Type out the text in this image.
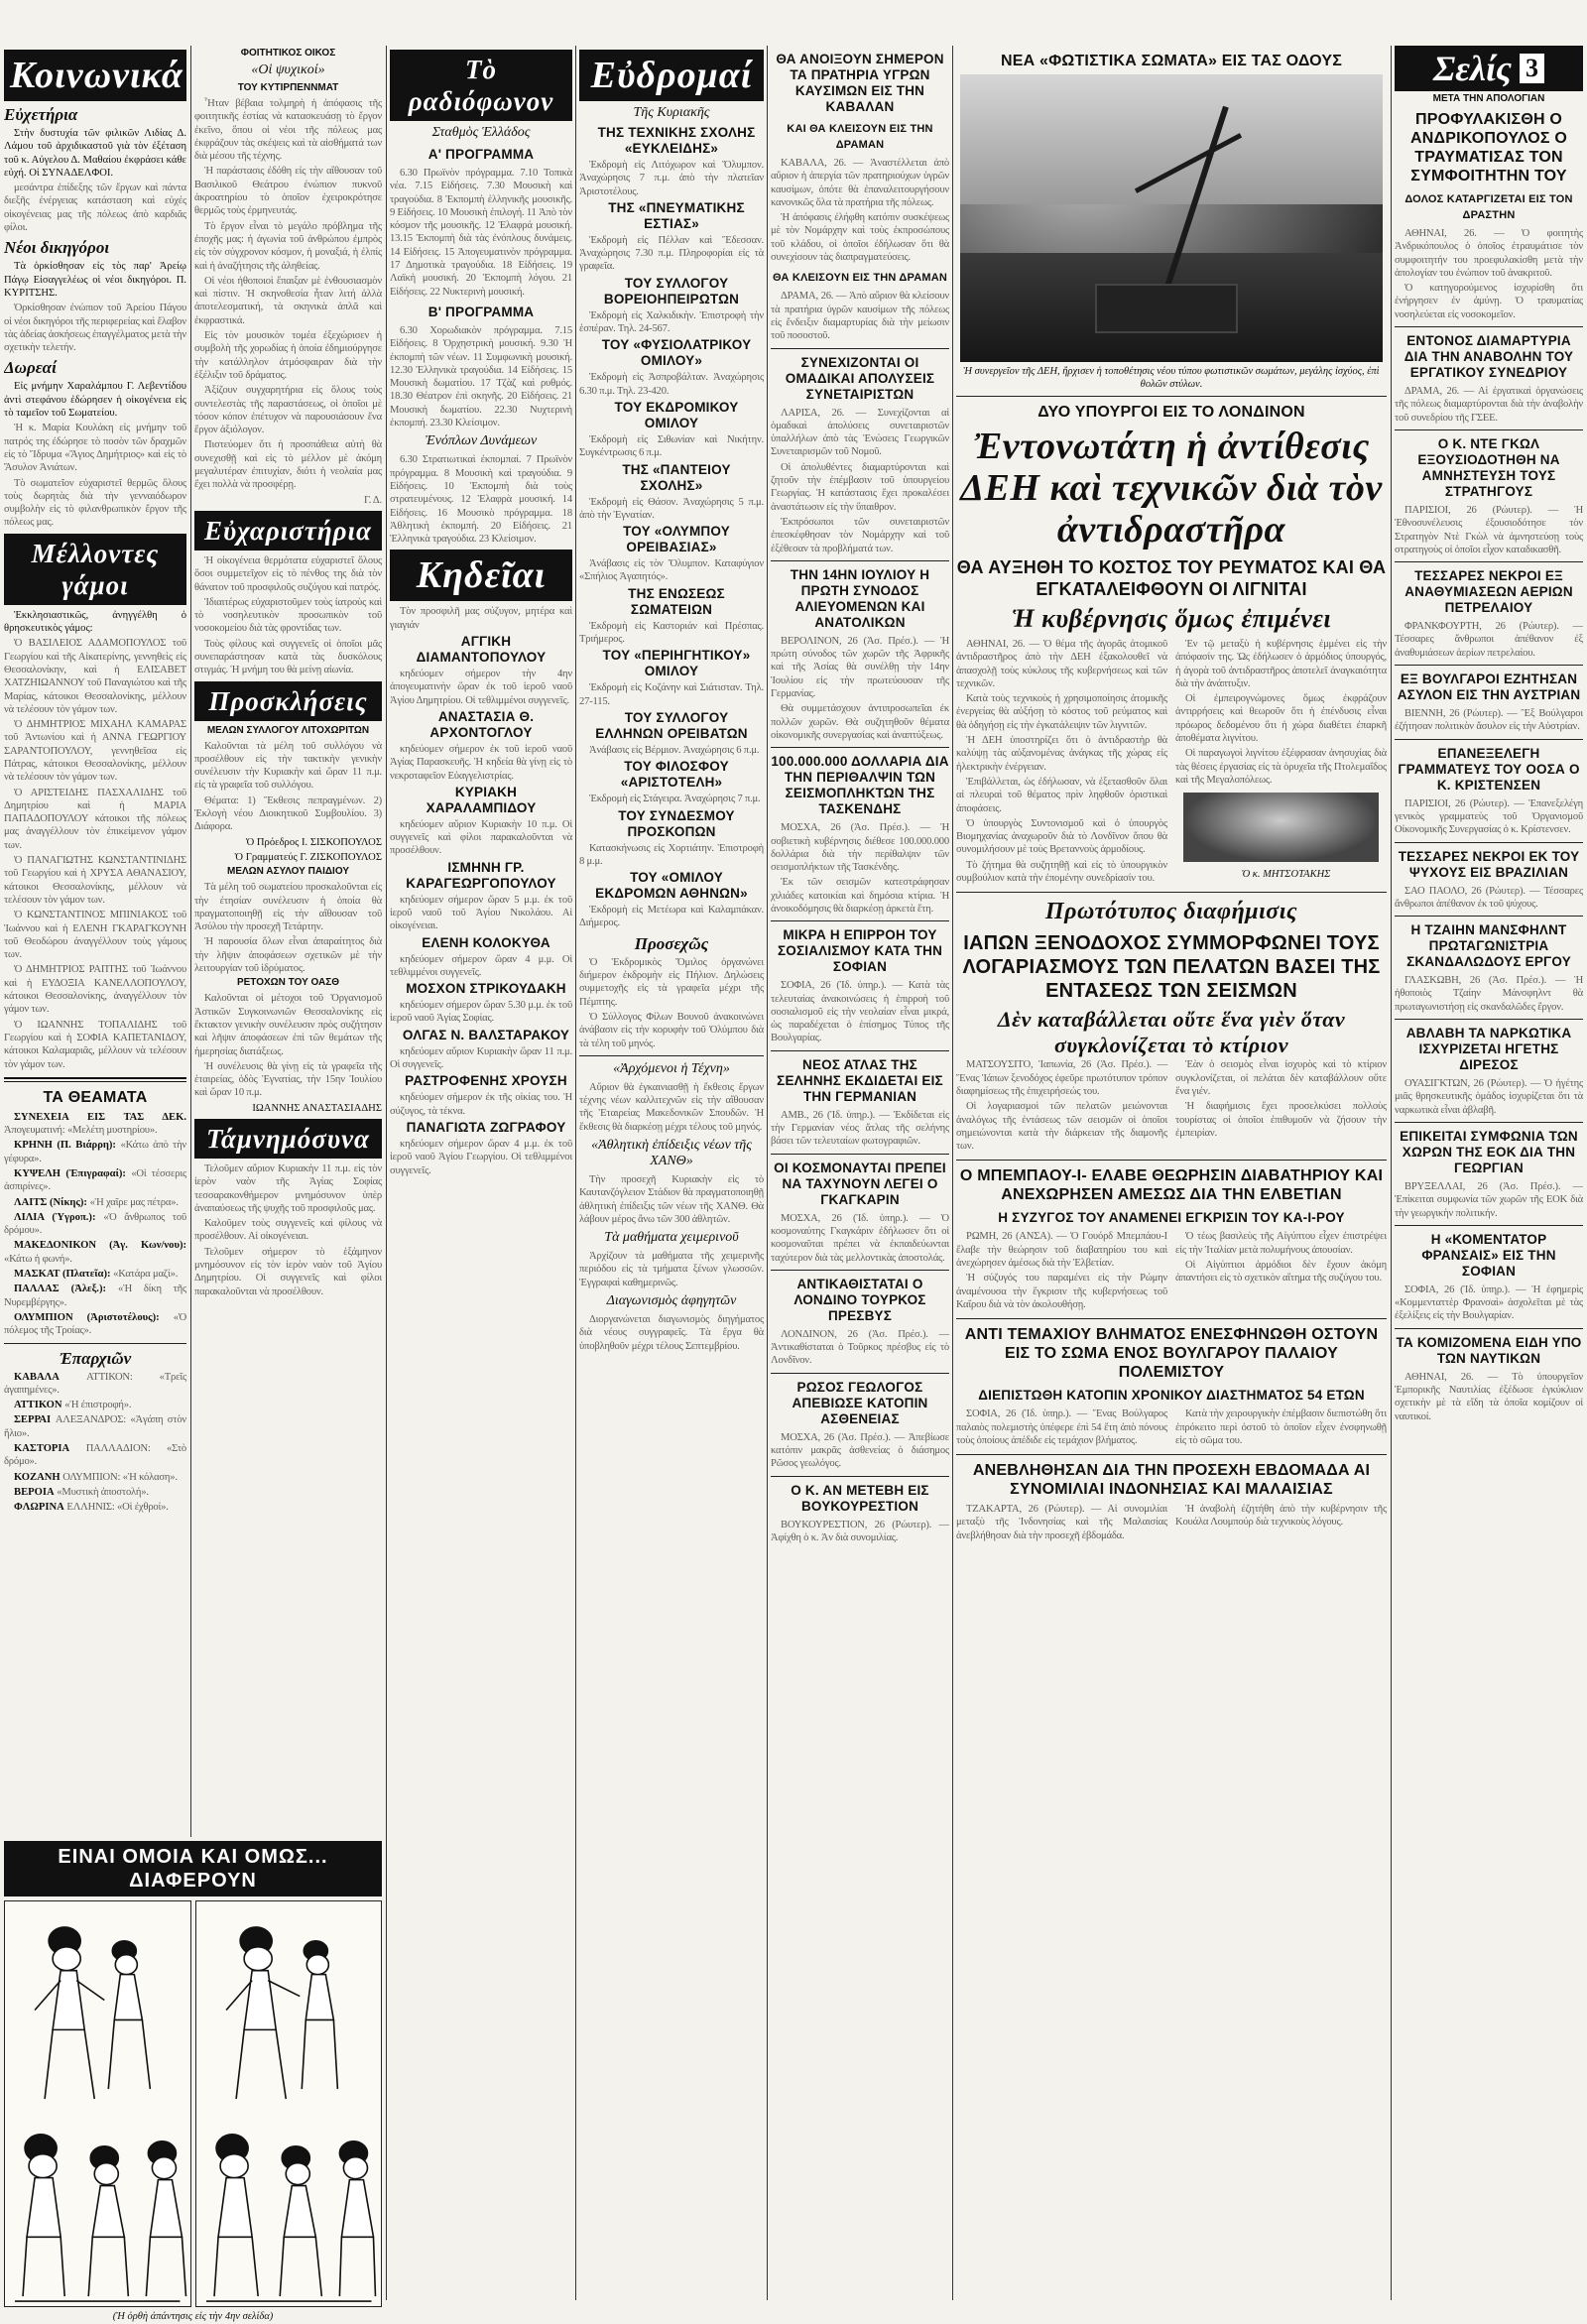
Κοινωνικά
Εὐχετήρια

Στὴν δυστυχία τῶν φιλικῶν Λιδίας Δ. Λάμου τοῦ ἀρχιδικαστοῦ γιὰ τὸν ἐξέταση τοῦ κ. Αὐγελου Δ. Μαθαίου ἐκφράσει κάθε εὐχή. Οἱ ΣΥΝΑΔΕΛΦΟΙ.

μεσάντρα ἐπίδεξης τῶν ἔργων καὶ πάντα διεξῆς ἐνέργειας κατάσταση καὶ εὐχές οἰκογένειας μας τῆς πόλεως ἀπὸ καρδιᾶς φίλοι.

Νέοι δικηγόροι

Τὰ ὁρκίσθησαν εἰς τὸς παρ' Ἀρείῳ Πάγῳ Εἰσαγγελέως οἱ νέοι δικηγόροι. Π. ΚΥΡΙΤΣΗΣ.

Ὀρκίσθησαν ἐνώπιον τοῦ Ἀρείου Πάγου οἱ νέοι δικηγόροι τῆς περιφερείας καὶ ἔλαβον τὰς ἀδείας ἀσκήσεως ἐπαγγέλματος μετὰ τὴν σχετικὴν τελετήν.

Δωρεαί

Εἰς μνήμην Χαραλάμπου Γ. Λεβεντίδου ἀντὶ στεφάνου ἐδώρησεν ἡ οἰκογένεια εἰς τὸ ταμεῖον τοῦ Σωματείου.

Ἡ κ. Μαρία Κουλάκη εἰς μνήμην τοῦ πατρός της ἐδώρησε τὸ ποσὸν τῶν δραχμῶν εἰς τὸ Ἵδρυμα «Ἅγιος Δημήτριος» καὶ εἰς τὸ Ἄσυλον Ἀνιάτων.

Τὸ σωματεῖον εὐχαριστεῖ θερμῶς ὅλους τοὺς δωρητὰς διὰ τὴν γενναιόδωρον συμβολὴν εἰς τὸ φιλανθρωπικὸν ἔργον τῆς πόλεως μας.

Μέλλοντες γάμοι

Ἐκκλησιαστικῶς, ἀνηγγέλθη ὁ θρησκευτικὸς γάμος:

Ὁ ΒΑΣΙΛΕΙΟΣ ΑΔΑΜΟΠΟΥΛΟΣ τοῦ Γεωργίου καὶ τῆς Αἰκατερίνης, γεννηθεὶς εἰς Θεσσαλονίκην, καὶ ἡ ΕΛΙΣΑΒΕΤ ΧΑΤΖΗΙΩΑΝΝΟΥ τοῦ Παναγιώτου καὶ τῆς Μαρίας, κάτοικοι Θεσσαλονίκης, μέλλουν νὰ τελέσουν τὸν γάμον των.

Ὁ ΔΗΜΗΤΡΙΟΣ ΜΙΧΑΗΛ ΚΑΜΑΡΑΣ τοῦ Ἀντωνίου καὶ ἡ ΑΝΝΑ ΓΕΩΡΓΙΟΥ ΣΑΡΑΝΤΟΠΟΥΛΟΥ, γεννηθεῖσα εἰς Πάτρας, κάτοικοι Θεσσαλονίκης, μέλλουν νὰ τελέσουν τὸν γάμον των.

Ὁ ΑΡΙΣΤΕΙΔΗΣ ΠΑΣΧΑΛΙΔΗΣ τοῦ Δημητρίου καὶ ἡ ΜΑΡΙΑ ΠΑΠΑΔΟΠΟΥΛΟΥ κάτοικοι τῆς πόλεως μας ἀναγγέλλουν τὸν ἐπικείμενον γάμον των.

Ὁ ΠΑΝΑΓΙΩΤΗΣ ΚΩΝΣΤΑΝΤΙΝΙΔΗΣ τοῦ Γεωργίου καὶ ἡ ΧΡΥΣΑ ΑΘΑΝΑΣΙΟΥ, κάτοικοι Θεσσαλονίκης, μέλλουν νὰ τελέσουν τὸν γάμον των.

Ὁ ΚΩΝΣΤΑΝΤΙΝΟΣ ΜΠΙΝΙΑΚΟΣ τοῦ Ἰωάννου καὶ ἡ ΕΛΕΝΗ ΓΚΑΡΑΓΚΟΥΝΗ τοῦ Θεοδώρου ἀναγγέλλουν τοὺς γάμους των.

Ὁ ΔΗΜΗΤΡΙΟΣ ΡΑΠΤΗΣ τοῦ Ἰωάννου καὶ ἡ ΕΥΔΟΞΙΑ ΚΑΝΕΛΛΟΠΟΥΛΟΥ, κάτοικοι Θεσσαλονίκης, ἀναγγέλλουν τὸν γάμον των.

Ὁ ΙΩΑΝΝΗΣ ΤΟΠΑΛΙΔΗΣ τοῦ Γεωργίου καὶ ἡ ΣΟΦΙΑ ΚΑΠΕΤΑΝΙΔΟΥ, κάτοικοι Καλαμαριᾶς, μέλλουν νὰ τελέσουν τὸν γάμον των.

ΤΑ ΘΕΑΜΑΤΑ

ΣΥΝΕΧΕΙΑ ΕΙΣ ΤΑΣ ΔΕΚ. Ἀπογευματινή: «Μελέτη μυστηρίου».

ΚΡΗΝΗ (Π. Βιάρρη): «Κάτω ἀπὸ τὴν γέφυρα».

ΚΥΨΕΛΗ (Ἐπιγραφαί): «Οἱ τέσσερις ἀσπιρίνες».

ΛΑΙΤΣ (Νίκης): «Ἡ χαῖρε μας πέτρα».

ΛΙΛΙΑ (Ὑγροπ.): «Ὁ ἄνθρωπος τοῦ δρόμου».

ΜΑΚΕΔΟΝΙΚΟΝ (Ἀγ. Κων/νου): «Κάτω ἡ φωνή».

ΜΑΣΚΑΤ (Πλατεῖα): «Κατάρα μαζί».

ΠΑΛΛΑΣ (Ἀλεξ.): «Ἡ δίκη τῆς Νυρεμβέργης».

ΟΛΥΜΠΙΟΝ (Ἀριστοτέλους): «Ὁ πόλεμος τῆς Τροίας».

Ἐπαρχιῶν

ΚΑΒΑΛΑ	ΑΤΤΙΚΟΝ: «Τρεῖς ἀγαπημένες».

ΑΤΤΙΚΟΝ «Ἡ ἐπιστροφή».

ΣΕΡΡΑΙ ΑΛΕΞΑΝΔΡΟΣ: «Ἀγάπη στὸν ἥλιο».

ΚΑΣΤΟΡΙΑ ΠΑΛΛΑΔΙΟΝ: «Στὸ δρόμο».

ΚΟΖΑΝΗ ΟΛΥΜΠΙΟΝ: «Ἡ κόλαση».

ΒΕΡΟΙΑ «Μυστικὴ ἀποστολή».

ΦΛΩΡΙΝΑ ΕΛΛΗΝΙΣ: «Οἱ ἐχθροί».

ΦΟΙΤΗΤΙΚΟΣ ΟΙΚΟΣ
«Οἱ ψυχικοί»
ΤΟΥ ΚΥΤΙΡΠΕΝΝΜΑΤ

Ἦταν βέβαια τολμηρὴ ἡ ἀπόφασις τῆς φοιτητικῆς ἑστίας νὰ κατασκευάσῃ τὸ ἔργον ἐκεῖνο, ὅπου οἱ νέοι τῆς πόλεως μας ἐκφράζουν τὰς σκέψεις καὶ τὰ αἰσθήματά των διὰ μέσου τῆς τέχνης.

Ἡ παράστασις ἐδόθη εἰς τὴν αἴθουσαν τοῦ Βασιλικοῦ Θεάτρου ἐνώπιον πυκνοῦ ἀκροατηρίου τὸ ὁποῖον ἐχειροκρότησε θερμῶς τοὺς ἐρμηνευτάς.

Τὸ ἔργον εἶναι τὸ μεγάλο πρόβλημα τῆς ἐποχῆς μας: ἡ ἀγωνία τοῦ ἀνθρώπου ἐμπρὸς εἰς τὸν σύγχρονον κόσμον, ἡ μοναξιά, ἡ ἐλπίς καὶ ἡ ἀναζήτησις τῆς ἀληθείας.

Οἱ νέοι ἠθοποιοὶ ἔπαιξαν μὲ ἐνθουσιασμὸν καὶ πίστιν. Ἡ σκηνοθεσία ἦταν λιτή ἀλλὰ ἀποτελεσματική, τὰ σκηνικὰ ἁπλᾶ καὶ ἐκφραστικά.

Εἰς τὸν μουσικὸν τομέα ἐξεχώρισεν ἡ συμβολὴ τῆς χορωδίας ἡ ὁποία ἐδημιούργησε τὴν κατάλληλον ἀτμόσφαιραν διὰ τὴν ἐξέλιξιν τοῦ δράματος.

Ἀξίζουν συγχαρητήρια εἰς ὅλους τοὺς συντελεστὰς τῆς παραστάσεως, οἱ ὁποῖοι μὲ τόσον κόπον ἐπέτυχον νὰ παρουσιάσουν ἕνα ἔργον ἀξιόλογον.

Πιστεύομεν ὅτι ἡ προσπάθεια αὐτὴ θὰ συνεχισθῇ καὶ εἰς τὸ μέλλον μὲ ἀκόμη μεγαλυτέραν ἐπιτυχίαν, διότι ἡ νεολαία μας ἔχει πολλὰ νὰ προσφέρῃ.

Γ. Δ.

Εὐχαριστήρια

Ἡ οἰκογένεια θερμότατα εὐχαριστεῖ ὅλους ὅσοι συμμετεῖχον εἰς τὸ πένθος της διὰ τὸν θάνατον τοῦ προσφιλοῦς συζύγου καὶ πατρός.

Ἰδιαιτέρως εὐχαριστοῦμεν τοὺς ἰατροὺς καὶ τὸ νοσηλευτικὸν προσωπικὸν τοῦ νοσοκομείου διὰ τὰς φροντίδας των.

Τοὺς φίλους καὶ συγγενεῖς οἱ ὁποῖοι μᾶς συνεπαράστησαν κατὰ τὰς δυσκόλους στιγμάς. Ἡ μνήμη του θὰ μείνῃ αἰωνία.

Προσκλήσεις
ΜΕΛΩΝ ΣΥΛΛΟΓΟΥ ΛΙΤΟΧΩΡΙΤΩΝ

Καλοῦνται τὰ μέλη τοῦ συλλόγου νὰ προσέλθουν εἰς τὴν τακτικὴν γενικὴν συνέλευσιν τὴν Κυριακὴν καὶ ὥραν 11 π.μ. εἰς τὰ γραφεῖα τοῦ συλλόγου.

Θέματα: 1) Ἔκθεσις πεπραγμένων. 2) Ἐκλογὴ νέου Διοικητικοῦ Συμβουλίου. 3) Διάφορα.

Ὁ Πρόεδρος Ι. ΣΙΣΚΟΠΟΥΛΟΣ

Ὁ Γραμματεύς Γ. ΖΙΣΚΟΠΟΥΛΟΣ

ΜΕΛΩΝ ΑΣΥΛΟΥ ΠΑΙΔΙΟΥ

Τὰ μέλη τοῦ σωματείου προσκαλοῦνται εἰς τὴν ἐτησίαν συνέλευσιν ἡ ὁποία θὰ πραγματοποιηθῇ εἰς τὴν αἴθουσαν τοῦ Ἀσύλου τὴν προσεχῆ Τετάρτην.

Ἡ παρουσία ὅλων εἶναι ἀπαραίτητος διὰ τὴν λῆψιν ἀποφάσεων σχετικῶν μὲ τὴν λειτουργίαν τοῦ ἱδρύματος.

ΡΕΤΟΧΩΝ ΤΟΥ ΟΑΣΘ

Καλοῦνται οἱ μέτοχοι τοῦ Ὀργανισμοῦ Ἀστικῶν Συγκοινωνιῶν Θεσσαλονίκης εἰς ἔκτακτον γενικὴν συνέλευσιν πρὸς συζήτησιν καὶ λῆψιν ἀποφάσεων ἐπὶ τῶν θεμάτων τῆς ἡμερησίας διατάξεως.

Ἡ συνέλευσις θὰ γίνῃ εἰς τὰ γραφεῖα τῆς ἑταιρείας, ὁδὸς Ἐγνατίας, τὴν 15ην Ἰουλίου καὶ ὥραν 10 π.μ.

ΙΩΑΝΝΗΣ ΑΝΑΣΤΑΣΙΑΔΗΣ

Τάμνημόσυνα

Τελοῦμεν αὔριον Κυριακὴν 11 π.μ. εἰς τὸν ἱερὸν ναὸν τῆς Ἁγίας Σοφίας τεσσαρακονθήμερον μνημόσυνον ὑπὲρ ἀναπαύσεως τῆς ψυχῆς τοῦ προσφιλοῦς μας.

Καλοῦμεν τοὺς συγγενεῖς καὶ φίλους νὰ προσέλθουν. Αἱ οἰκογένειαι.

Τελοῦμεν σήμερον τὸ ἑξάμηνον μνημόσυνον εἰς τὸν ἱερὸν ναὸν τοῦ Ἁγίου Δημητρίου. Οἱ συγγενεῖς καὶ φίλοι παρακαλοῦνται νὰ προσέλθουν.

Τὸ ραδιόφωνον
Σταθμὸς Ἑλλάδος
Α' ΠΡΟΓΡΑΜΜΑ

6.30 Πρωϊνὸν πρόγραμμα. 7.10 Τοπικὰ νέα. 7.15 Εἰδήσεις. 7.30 Μουσικὴ καὶ τραγούδια. 8 Ἐκπομπὴ ἑλληνικῆς μουσικῆς. 9 Εἰδήσεις. 10 Μουσικὴ ἐπιλογή. 11 Ἀπὸ τὸν κόσμον τῆς μουσικῆς. 12 Ἐλαφρά μουσική. 13.15 Ἐκπομπὴ διὰ τὰς ἐνόπλους δυνάμεις. 14 Εἰδήσεις. 15 Ἀπογευματινὸν πρόγραμμα. 17 Δημοτικὰ τραγούδια. 18 Εἰδήσεις. 19 Λαϊκὴ μουσική. 20 Ἐκπομπὴ λόγου. 21 Εἰδήσεις. 22 Νυκτερινὴ μουσική.

Β' ΠΡΟΓΡΑΜΜΑ

6.30 Χορωδιακὸν πρόγραμμα. 7.15 Εἰδήσεις. 8 Ὀρχηστρικὴ μουσική. 9.30 Ἡ ἐκπομπὴ τῶν νέων. 11 Συμφωνικὴ μουσική. 12.30 Ἐλληνικὰ τραγούδια. 14 Εἰδήσεις. 15 Μουσικὴ δωματίου. 17 Τζὰζ καὶ ρυθμός. 18.30 Θέατρον ἐπὶ σκηνῆς. 20 Εἰδήσεις. 21 Μουσικὴ δωματίου. 22.30 Νυχτερινὴ ἐκπομπή. 23.30 Κλείσιμον.

Ἐνόπλων Δυνάμεων

6.30 Στρατιωτικαὶ ἐκπομπαί. 7 Πρωϊνὸν πρόγραμμα. 8 Μουσικὴ καὶ τραγούδια. 9 Εἰδήσεις. 10 Ἐκπομπὴ διὰ τοὺς στρατευμένους. 12 Ἐλαφρὰ μουσική. 14 Εἰδήσεις. 16 Μουσικὸ πρόγραμμα. 18 Ἀθλητικὴ ἐκπομπή. 20 Εἰδήσεις. 21 Ἐλληνικὰ τραγούδια. 23 Κλείσιμον.

Κηδεῖαι

Τὸν προσφιλῆ μας σύζυγον, μητέρα καὶ γιαγιάν

ΑΓΓΙΚΗ ΔΙΑΜΑΝΤΟΠΟΥΛΟΥ

κηδεύομεν σήμερον τὴν 4ην ἀπογευματινὴν ὥραν ἐκ τοῦ ἱεροῦ ναοῦ Ἁγίου Δημητρίου. Οἱ τεθλιμμένοι συγγενεῖς.

ΑΝΑΣΤΑΣΙΑ Θ. ΑΡΧΟΝΤΟΓΛΟΥ

κηδεύομεν σήμερον ἐκ τοῦ ἱεροῦ ναοῦ Ἁγίας Παρασκευῆς. Ἡ κηδεία θὰ γίνῃ εἰς τὸ νεκροταφεῖον Εὐαγγελιστρίας.

ΚΥΡΙΑΚΗ ΧΑΡΑΛΑΜΠΙΔΟΥ

κηδεύομεν αὔριον Κυριακὴν 10 π.μ. Οἱ συγγενεῖς καὶ φίλοι παρακαλοῦνται νὰ προσέλθουν.

ΙΣΜΗΝΗ ΓΡ. ΚΑΡΑΓΕΩΡΓΟΠΟΥΛΟΥ

κηδεύομεν σήμερον ὥραν 5 μ.μ. ἐκ τοῦ ἱεροῦ ναοῦ τοῦ Ἁγίου Νικολάου. Αἱ οἰκογένειαι.

ΕΛΕΝΗ ΚΟΛΟΚΥΘΑ

κηδεύομεν σήμερον ὥραν 4 μ.μ. Οἱ τεθλιμμένοι συγγενεῖς.

ΜΟΣΧΟΝ ΣΤΡΙΚΟΥΔΑΚΗ

κηδεύομεν σήμερον ὥραν 5.30 μ.μ. ἐκ τοῦ ἱεροῦ ναοῦ Ἁγίας Σοφίας.

ΟΛΓΑΣ Ν. ΒΑΛΣΤΑΡΑΚΟΥ

κηδεύομεν αὔριον Κυριακὴν ὥραν 11 π.μ. Οἱ συγγενεῖς.

ΡΑΣΤΡΟΦΕΝΗΣ ΧΡΟΥΣΗ

κηδεύομεν σήμερον ἐκ τῆς οἰκίας του. Ἡ σύζυγος, τὰ τέκνα.

ΠΑΝΑΓΙΩΤΑ ΖΩΓΡΑΦΟΥ

κηδεύομεν σήμερον ὥραν 4 μ.μ. ἐκ τοῦ ἱεροῦ ναοῦ Ἁγίου Γεωργίου. Οἱ τεθλιμμένοι συγγενεῖς.

Εὐδρομαί
Τῆς Κυριακῆς

ΤΗΣ ΤΕΧΝΙΚΗΣ ΣΧΟΛΗΣ «ΕΥΚΛΕΙΔΗΣ»

Ἐκδρομὴ εἰς Λιτόχωρον καὶ Ὄλυμπον. Ἀναχώρησις 7 π.μ. ἀπὸ τὴν πλατεῖαν Ἀριστοτέλους.

ΤΗΣ «ΠΝΕΥΜΑΤΙΚΗΣ ΕΣΤΙΑΣ»

Ἐκδρομὴ εἰς Πέλλαν καὶ Ἔδεσσαν. Ἀναχώρησις 7.30 π.μ. Πληροφορίαι εἰς τὰ γραφεῖα.

ΤΟΥ ΣΥΛΛΟΓΟΥ ΒΟΡΕΙΟΗΠΕΙΡΩΤΩΝ

Ἐκδρομὴ εἰς Χαλκιδικὴν. Ἐπιστροφὴ τὴν ἑσπέραν. Τηλ. 24-567.

ΤΟΥ «ΦΥΣΙΟΛΑΤΡΙΚΟΥ ΟΜΙΛΟΥ»

Ἐκδρομὴ εἰς Ἀσπροβάλταν. Ἀναχώρησις 6.30 π.μ. Τηλ. 23-420.

ΤΟΥ ΕΚΔΡΟΜΙΚΟΥ ΟΜΙΛΟΥ

Ἐκδρομὴ εἰς Σιθωνίαν καὶ Νικήτην. Συγκέντρωσις 6 π.μ.

ΤΗΣ «ΠΑΝΤΕΙΟΥ ΣΧΟΛΗΣ»

Ἐκδρομὴ εἰς Θάσον. Ἀναχώρησις 5 π.μ. ἀπὸ τὴν Ἐγνατίαν.

ΤΟΥ «ΟΛΥΜΠΟΥ ΟΡΕΙΒΑΣΙΑΣ»

Ἀνάβασις εἰς τὸν Ὄλυμπον. Καταφύγιον «Σπήλιος Ἀγαπητός».

ΤΗΣ ΕΝΩΣΕΩΣ ΣΩΜΑΤΕΙΩΝ

Ἐκδρομὴ εἰς Καστοριάν καὶ Πρέσπας. Τριήμερος.

ΤΟΥ «ΠΕΡΙΗΓΗΤΙΚΟΥ» ΟΜΙΛΟΥ

Ἐκδρομὴ εἰς Κοζάνην καὶ Σιάτισταν. Τηλ. 27-115.

ΤΟΥ ΣΥΛΛΟΓΟΥ ΕΛΛΗΝΩΝ ΟΡΕΙΒΑΤΩΝ

Ἀνάβασις εἰς Βέρμιον. Ἀναχώρησις 6 π.μ.

ΤΟΥ ΦΙΛΟΣΦΟΥ «ΑΡΙΣΤΟΤΕΛΗ»

Ἐκδρομὴ εἰς Στάγειρα. Ἀναχώρησις 7 π.μ.

ΤΟΥ ΣΥΝΔΕΣΜΟΥ ΠΡΟΣΚΟΠΩΝ

Κατασκήνωσις εἰς Χορτιάτην. Ἐπιστροφὴ 8 μ.μ.

ΤΟΥ «ΟΜΙΛΟΥ ΕΚΔΡΟΜΩΝ ΑΘΗΝΩΝ»

Ἐκδρομὴ εἰς Μετέωρα καὶ Καλαμπάκαν. Διήμερος.

Προσεχῶς

Ὁ Ἐκδρομικὸς Ὅμιλος ὀργανώνει διήμερον ἐκδρομὴν εἰς Πήλιον. Δηλώσεις συμμετοχῆς εἰς τὰ γραφεῖα μέχρι τῆς Πέμπτης.

Ὁ Σύλλογος Φίλων Βουνοῦ ἀνακοινώνει ἀνάβασιν εἰς τὴν κορυφὴν τοῦ Ὀλύμπου διὰ τὰ τέλη τοῦ μηνός.

«Ἀρχόμενοι ἡ Τέχνη»

Αὔριον θὰ ἐγκαινιασθῇ ἡ ἔκθεσις ἔργων τέχνης νέων καλλιτεχνῶν εἰς τὴν αἴθουσαν τῆς Ἑταιρείας Μακεδονικῶν Σπουδῶν. Ἡ ἔκθεσις θὰ διαρκέσῃ μέχρι τέλους τοῦ μηνός.

«Ἀθλητικὴ ἐπίδειξις νέων τῆς ΧΑΝΘ»

Τὴν προσεχῆ Κυριακὴν εἰς τὸ Καυτανζόγλειον Στάδιον θὰ πραγματοποιηθῇ ἀθλητικὴ ἐπίδειξις τῶν νέων τῆς ΧΑΝΘ. Θὰ λάβουν μέρος ἄνω τῶν 300 ἀθλητῶν.

Τὰ μαθήματα χειμερινοῦ

Ἀρχίζουν τὰ μαθήματα τῆς χειμερινῆς περιόδου εἰς τὰ τμήματα ξένων γλωσσῶν. Ἐγγραφαὶ καθημερινῶς.

Διαγωνισμὸς ἀφηγητῶν

Διοργανώνεται διαγωνισμὸς διηγήματος διὰ νέους συγγραφεῖς. Τὰ ἔργα θὰ ὑποβληθοῦν μέχρι τέλους Σεπτεμβρίου.

ΘΑ ΑΝΟΙΞΟΥΝ ΣΗΜΕΡΟΝ ΤΑ ΠΡΑΤΗΡΙΑ ΥΓΡΩΝ ΚΑΥΣΙΜΩΝ ΕΙΣ ΤΗΝ ΚΑΒΑΛΑΝ
ΚΑΙ ΘΑ ΚΛΕΙΣΟΥΝ ΕΙΣ ΤΗΝ ΔΡΑΜΑΝ

ΚΑΒΑΛΑ, 26. — Ἀναστέλλεται ἀπὸ αὔριον ἡ ἀπεργία τῶν πρατηριούχων ὑγρῶν καυσίμων, ὁπότε θὰ ἐπαναλειτουργήσουν κανονικῶς ὅλα τὰ πρατήρια τῆς πόλεως.

Ἡ ἀπόφασις ἐλήφθη κατόπιν συσκέψεως μὲ τὸν Νομάρχην καὶ τοὺς ἐκπροσώπους τοῦ κλάδου, οἱ ὁποῖοι ἐδήλωσαν ὅτι θὰ συνεχίσουν τὰς διαπραγματεύσεις.

ΘΑ ΚΛΕΙΣΟΥΝ ΕΙΣ ΤΗΝ ΔΡΑΜΑΝ

ΔΡΑΜΑ, 26. — Ἀπὸ αὔριον θὰ κλείσουν τὰ πρατήρια ὑγρῶν καυσίμων τῆς πόλεως εἰς ἔνδειξιν διαμαρτυρίας διὰ τὴν μείωσιν τοῦ ποσοστοῦ.

ΣΥΝΕΧΙΖΟΝΤΑΙ ΟΙ ΟΜΑΔΙΚΑΙ ΑΠΟΛΥΣΕΙΣ ΣΥΝΕΤΑΙΡΙΣΤΩΝ

ΛΑΡΙΣΑ, 26. — Συνεχίζονται αἱ ὁμαδικαὶ ἀπολύσεις συνεταιριστῶν ὑπαλλήλων ἀπὸ τὰς Ἑνώσεις Γεωργικῶν Συνεταιρισμῶν τοῦ Νομοῦ.

Οἱ ἀπολυθέντες διαμαρτύρονται καὶ ζητοῦν τὴν ἐπέμβασιν τοῦ ὑπουργείου Γεωργίας. Ἡ κατάστασις ἔχει προκαλέσει ἀναστάτωσιν εἰς τὴν ὕπαιθρον.

Ἐκπρόσωποι τῶν συνεταιριστῶν ἐπεσκέφθησαν τὸν Νομάρχην καὶ τοῦ ἐξέθεσαν τὰ προβλήματά των.

ΤΗΝ 14ΗΝ ΙΟΥΛΙΟΥ Η ΠΡΩΤΗ ΣΥΝΟΔΟΣ ΑΛΙΕΥΟΜΕΝΩΝ ΚΑΙ ΑΝΑΤΟΛΙΚΩΝ

ΒΕΡΟΛΙΝΟΝ, 26 (Ἀσ. Πρέσ.). — Ἡ πρώτη σύνοδος τῶν χωρῶν τῆς Ἀφρικῆς καὶ τῆς Ἀσίας θὰ συνέλθῃ τὴν 14ην Ἰουλίου εἰς τὴν πρωτεύουσαν τῆς Γερμανίας.

Θὰ συμμετάσχουν ἀντιπροσωπεῖαι ἐκ πολλῶν χωρῶν. Θὰ συζητηθοῦν θέματα οἰκονομικῆς συνεργασίας καὶ ἀναπτύξεως.

100.000.000 ΔΟΛΛΑΡΙΑ ΔΙΑ ΤΗΝ ΠΕΡΙΘΑΛΨΙΝ ΤΩΝ ΣΕΙΣΜΟΠΛΗΚΤΩΝ ΤΗΣ ΤΑΣΚΕΝΔΗΣ

ΜΟΣΧΑ, 26 (Ἀσ. Πρέσ.). — Ἡ σοβιετικὴ κυβέρνησις διέθεσε 100.000.000 δολλάρια διὰ τὴν περίθαλψιν τῶν σεισμοπλήκτων τῆς Τασκένδης.

Ἐκ τῶν σεισμῶν κατεστράφησαν χιλιάδες κατοικίαι καὶ δημόσια κτίρια. Ἡ ἀνοικοδόμησις θὰ διαρκέσῃ ἀρκετὰ ἔτη.

ΜΙΚΡΑ Η ΕΠΙΡΡΟΗ ΤΟΥ ΣΟΣΙΑΛΙΣΜΟΥ ΚΑΤΑ ΤΗΝ ΣΟΦΙΑΝ

ΣΟΦΙΑ, 26 (Ἰδ. ὑπηρ.). — Κατὰ τὰς τελευταίας ἀνακοινώσεις ἡ ἐπιρροὴ τοῦ σοσιαλισμοῦ εἰς τὴν νεολαίαν εἶναι μικρά, ὡς παραδέχεται ὁ ἐπίσημος Τύπος τῆς Βουλγαρίας.

ΝΕΟΣ ΑΤΛΑΣ ΤΗΣ ΣΕΛΗΝΗΣ ΕΚΔΙΔΕΤΑΙ ΕΙΣ ΤΗΝ ΓΕΡΜΑΝΙΑΝ

ΑΜΒ., 26 (Ἰδ. ὑπηρ.). — Ἐκδίδεται εἰς τὴν Γερμανίαν νέος ἄτλας τῆς σελήνης βάσει τῶν τελευταίων φωτογραφιῶν.

ΟΙ ΚΟΣΜΟΝΑΥΤΑΙ ΠΡΕΠΕΙ ΝΑ ΤΑΧΥΝΟΥΝ ΛΕΓΕΙ Ο ΓΚΑΓΚΑΡΙΝ

ΜΟΣΧΑ, 26 (Ἰδ. ὑπηρ.). — Ὁ κοσμοναύτης Γκαγκάριν ἐδήλωσεν ὅτι οἱ κοσμοναῦται πρέπει νὰ ἐκπαιδεύωνται ταχύτερον διὰ τὰς μελλοντικὰς ἀποστολάς.

ΑΝΤΙΚΑΘΙΣΤΑΤΑΙ Ο ΛΟΝΔΙΝΟ ΤΟΥΡΚΟΣ ΠΡΕΣΒΥΣ

ΛΟΝΔΙΝΟΝ, 26 (Ἀσ. Πρέσ.). — Ἀντικαθίσταται ὁ Τοῦρκος πρέσβυς εἰς τὸ Λονδῖνον.

ΡΩΣΟΣ ΓΕΩΛΟΓΟΣ ΑΠΕΒΙΩΣΕ ΚΑΤΟΠΙΝ ΑΣΘΕΝΕΙΑΣ

ΜΟΣΧΑ, 26 (Ἀσ. Πρέσ.). — Ἀπεβίωσε κατόπιν μακρᾶς ἀσθενείας ὁ διάσημος Ρῶσος γεωλόγος.

Ο Κ. ΑΝ ΜΕΤΕΒΗ ΕΙΣ ΒΟΥΚΟΥΡΕΣΤΙΟΝ

ΒΟΥΚΟΥΡΕΣΤΙΟΝ, 26 (Ρώυτερ). — Ἀφίχθη ὁ κ. Ἀν διὰ συνομιλίας.

ΝΕΑ «ΦΩΤΙΣΤΙΚΑ ΣΩΜΑΤΑ» ΕΙΣ ΤΑΣ ΟΔΟΥΣ
Ἡ συνεργεῖον τῆς ΔΕΗ, ἤρχισεν ἡ τοποθέτησις νέου τύπου φωτιστικῶν σωμάτων, μεγάλης ἰσχύος, ἐπὶ θολῶν στύλων.
ΔΥΟ ΥΠΟΥΡΓΟΙ ΕΙΣ ΤΟ ΛΟΝΔΙΝΟΝ
Ἐντονωτάτη ἡ ἀντίθεσις ΔΕΗ καὶ τεχνικῶν διὰ τὸν ἀντιδραστῆρα
ΘΑ ΑΥΞΗΘΗ ΤΟ ΚΟΣΤΟΣ ΤΟΥ ΡΕΥΜΑΤΟΣ ΚΑΙ ΘΑ ΕΓΚΑΤΑΛΕΙΦΘΟΥΝ ΟΙ ΛΙΓΝΙΤΑΙ
Ἡ κυβέρνησις ὅμως ἐπιμένει

ΑΘΗΝΑΙ, 26. — Ὁ θέμα τῆς ἀγορᾶς ἀτομικοῦ ἀντιδραστῆρος ἀπὸ τὴν ΔΕΗ ἐξακολουθεῖ νὰ ἀπασχολῇ τοὺς κύκλους τῆς κυβερνήσεως καὶ τῶν τεχνικῶν.

Κατὰ τοὺς τεχνικοὺς ἡ χρησιμοποίησις ἀτομικῆς ἐνεργείας θὰ αὐξήσῃ τὸ κόστος τοῦ ρεύματος καὶ θὰ ὁδηγήσῃ εἰς τὴν ἐγκατάλειψιν τῶν λιγνιτῶν.

Ἡ ΔΕΗ ὑποστηρίζει ὅτι ὁ ἀντιδραστὴρ θὰ καλύψῃ τὰς αὐξανομένας ἀνάγκας τῆς χώρας εἰς ἠλεκτρικὴν ἐνέργειαν.

Ἐπιβάλλεται, ὡς ἐδήλωσαν, νὰ ἐξετασθοῦν ὅλαι αἱ πλευραὶ τοῦ θέματος πρὶν ληφθοῦν ὁριστικαὶ ἀποφάσεις.

Ὁ ὑπουργὸς Συντονισμοῦ καὶ ὁ ὑπουργὸς Βιομηχανίας ἀναχωροῦν διὰ τὸ Λονδῖνον ὅπου θὰ συνομιλήσουν μὲ τοὺς Βρεταννοὺς ἁρμοδίους.

Τὸ ζήτημα θὰ συζητηθῇ καὶ εἰς τὸ ὑπουργικὸν συμβούλιον κατὰ τὴν ἐπομένην συνεδρίασίν του.

Ἐν τῷ μεταξὺ ἡ κυβέρνησις ἐμμένει εἰς τὴν ἀπόφασίν της. Ὡς ἐδήλωσεν ὁ ἁρμόδιος ὑπουργός, ἡ ἀγορὰ τοῦ ἀντιδραστῆρος ἀποτελεῖ ἀναγκαιότητα διὰ τὴν ἀνάπτυξιν.

Οἱ ἐμπειρογνώμονες ὅμως ἐκφράζουν ἀντιρρήσεις καὶ θεωροῦν ὅτι ἡ ἐπένδυσις εἶναι πρόωρος δεδομένου ὅτι ἡ χώρα διαθέτει ἐπαρκῆ ἀποθέματα λιγνίτου.

Οἱ παραγωγοὶ λιγνίτου ἐξέφρασαν ἀνησυχίας διὰ τὰς θέσεις ἐργασίας εἰς τὰ ὀρυχεῖα τῆς Πτολεμαΐδος καὶ τῆς Μεγαλοπόλεως.

Ὁ κ. ΜΗΤΣΟΤΑΚΗΣ

Πρωτότυπος διαφήμισις
ΙΑΠΩΝ ΞΕΝΟΔΟΧΟΣ ΣΥΜΜΟΡΦΩΝΕΙ ΤΟΥΣ ΛΟΓΑΡΙΑΣΜΟΥΣ ΤΩΝ ΠΕΛΑΤΩΝ ΒΑΣΕΙ ΤΗΣ ΕΝΤΑΣΕΩΣ ΤΩΝ ΣΕΙΣΜΩΝ
Δὲν καταβάλλεται οὔτε ἕνα γιὲν ὅταν συγκλονίζεται τὸ κτίριον

ΜΑΤΣΟΥΣΙΤΟ, Ἰαπωνία, 26 (Ἀσ. Πρέσ.). — Ἕνας Ἰάπων ξενοδόχος ἐφεῦρε πρωτότυπον τρόπον διαφημίσεως τῆς ἐπιχειρήσεώς του.

Οἱ λογαριασμοὶ τῶν πελατῶν μειώνονται ἀναλόγως τῆς ἐντάσεως τῶν σεισμῶν οἱ ὁποῖοι σημειώνονται κατὰ τὴν διάρκειαν τῆς διαμονῆς των.

Ἐὰν ὁ σεισμὸς εἶναι ἰσχυρὸς καὶ τὸ κτίριον συγκλονίζεται, οἱ πελάται δὲν καταβάλλουν οὔτε ἕνα γιέν.

Ἡ διαφήμισις ἔχει προσελκύσει πολλοὺς τουρίστας οἱ ὁποῖοι ἐπιθυμοῦν νὰ ζήσουν τὴν ἐμπειρίαν.

Ο ΜΠΕΜΠΑΟΥ-Ι- ΕΛΑΒΕ ΘΕΩΡΗΣΙΝ ΔΙΑΒΑΤΗΡΙΟΥ ΚΑΙ ΑΝΕΧΩΡΗΣΕΝ ΑΜΕΣΩΣ ΔΙΑ ΤΗΝ ΕΛΒΕΤΙΑΝ
Η ΣΥΖΥΓΟΣ ΤΟΥ ΑΝΑΜΕΝΕΙ ΕΓΚΡΙΣΙΝ ΤΟΥ ΚΑ-Ι-ΡΟΥ

ΡΩΜΗ, 26 (ΑΝΣΑ). — Ὁ Γουόρδ Μπεμπάου-Ι ἔλαβε τὴν θεώρησιν τοῦ διαβατηρίου του καὶ ἀνεχώρησεν ἀμέσως διὰ τὴν Ἑλβετίαν.

Ἡ σύζυγός του παραμένει εἰς τὴν Ρώμην ἀναμένουσα τὴν ἔγκρισιν τῆς κυβερνήσεως τοῦ Καΐρου διὰ νὰ τὸν ἀκολουθήσῃ.

Ὁ τέως βασιλεὺς τῆς Αἰγύπτου εἶχεν ἐπιστρέψει εἰς τὴν Ἰταλίαν μετὰ πολυμήνους ἀπουσίαν.

Οἱ Αἰγύπτιοι ἁρμόδιοι δὲν ἔχουν ἀκόμη ἀπαντήσει εἰς τὸ σχετικὸν αἴτημα τῆς συζύγου του.

ΑΝΤΙ ΤΕΜΑΧΙΟΥ ΒΛΗΜΑΤΟΣ ΕΝΕΣΦΗΝΩΘΗ ΟΣΤΟΥΝ ΕΙΣ ΤΟ ΣΩΜΑ ΕΝΟΣ ΒΟΥΛΓΑΡΟΥ ΠΑΛΑΙΟΥ ΠΟΛΕΜΙΣΤΟΥ
ΔΙΕΠΙΣΤΩΘΗ ΚΑΤΟΠΙΝ ΧΡΟΝΙΚΟΥ ΔΙΑΣΤΗΜΑΤΟΣ 54 ΕΤΩΝ

ΣΟΦΙΑ, 26 (Ἰδ. ὑπηρ.). — Ἕνας Βούλγαρος παλαιὸς πολεμιστὴς ὑπέφερε ἐπὶ 54 ἔτη ἀπὸ πόνους τοὺς ὁποίους ἀπέδιδε εἰς τεμάχιον βλήματος.

Κατὰ τὴν χειρουργικὴν ἐπέμβασιν διεπιστώθη ὅτι ἐπρόκειτο περὶ ὀστοῦ τὸ ὁποῖον εἶχεν ἐνσφηνωθῇ εἰς τὸ σῶμα του.

ΑΝΕΒΛΗΘΗΣΑΝ ΔΙΑ ΤΗΝ ΠΡΟΣΕΧΗ ΕΒΔΟΜΑΔΑ ΑΙ ΣΥΝΟΜΙΛΙΑΙ ΙΝΔΟΝΗΣΙΑΣ ΚΑΙ ΜΑΛΑΙΣΙΑΣ

ΤΖΑΚΑΡΤΑ, 26 (Ρώυτερ). — Αἱ συνομιλίαι μεταξὺ τῆς Ἰνδονησίας καὶ τῆς Μαλαισίας ἀνεβλήθησαν διὰ τὴν προσεχῆ ἑβδομάδα.

Ἡ ἀναβολὴ ἐζητήθη ἀπὸ τὴν κυβέρνησιν τῆς Κουάλα Λουμπούρ διὰ τεχνικοὺς λόγους.

Σελίς 3
ΜΕΤΑ ΤΗΝ ΑΠΟΛΟΓΙΑΝ
ΠΡΟΦΥΛΑΚΙΣΘΗ Ο ΑΝΔΡΙΚΟΠΟΥΛΟΣ Ο ΤΡΑΥΜΑΤΙΣΑΣ ΤΟΝ ΣΥΜΦΟΙΤΗΤΗΝ ΤΟΥ
ΔΟΛΟΣ ΚΑΤΑΡΓΙΖΕΤΑΙ ΕΙΣ ΤΟΝ ΔΡΑΣΤΗΝ

ΑΘΗΝΑΙ, 26. — Ὁ φοιτητὴς Ἀνδρικόπουλος ὁ ὁποῖος ἐτραυμάτισε τὸν συμφοιτητήν του προεφυλακίσθη μετὰ τὴν ἀπολογίαν του ἐνώπιον τοῦ ἀνακριτοῦ.

Ὁ κατηγορούμενος ἰσχυρίσθη ὅτι ἐνήργησεν ἐν ἀμύνῃ. Ὁ τραυματίας νοσηλεύεται εἰς νοσοκομεῖον.

ΕΝΤΟΝΟΣ ΔΙΑΜΑΡΤΥΡΙΑ ΔΙΑ ΤΗΝ ΑΝΑΒΟΛΗΝ ΤΟΥ ΕΡΓΑΤΙΚΟΥ ΣΥΝΕΔΡΙΟΥ

ΔΡΑΜΑ, 26. — Αἱ ἐργατικαὶ ὀργανώσεις τῆς πόλεως διαμαρτύρονται διὰ τὴν ἀναβολὴν τοῦ συνεδρίου τῆς ΓΣΕΕ.

Ο Κ. ΝΤΕ ΓΚΩΛ ΕΞΟΥΣΙΟΔΟΤΗΘΗ ΝΑ ΑΜΝΗΣΤΕΥΣΗ ΤΟΥΣ ΣΤΡΑΤΗΓΟΥΣ

ΠΑΡΙΣΙΟΙ, 26 (Ρώυτερ). — Ἡ Ἐθνοσυνέλευσις ἐξουσιοδότησε τὸν Στρατηγὸν Ντὲ Γκὼλ νὰ ἀμνηστεύσῃ τοὺς στρατηγοὺς οἱ ὁποῖοι εἶχον καταδικασθῆ.

ΤΕΣΣΑΡΕΣ ΝΕΚΡΟΙ ΕΞ ΑΝΑΘΥΜΙΑΣΕΩΝ ΑΕΡΙΩΝ ΠΕΤΡΕΛΑΙΟΥ

ΦΡΑΝΚΦΟΥΡΤΗ, 26 (Ρώυτερ). — Τέσσαρες ἄνθρωποι ἀπέθανον ἐξ ἀναθυμιάσεων ἀερίων πετρελαίου.

ΕΞ ΒΟΥΛΓΑΡΟΙ ΕΖΗΤΗΣΑΝ ΑΣΥΛΟΝ ΕΙΣ ΤΗΝ ΑΥΣΤΡΙΑΝ

ΒΙΕΝΝΗ, 26 (Ρώυτερ). — Ἓξ Βούλγαροι ἐζήτησαν πολιτικὸν ἄσυλον εἰς τὴν Αὐστρίαν.

ΕΠΑΝΕΞΕΛΕΓΗ ΓΡΑΜΜΑΤΕΥΣ ΤΟΥ ΟΟΣΑ Ο Κ. ΚΡΙΣΤΕΝΣΕΝ

ΠΑΡΙΣΙΟΙ, 26 (Ρώυτερ). — Ἐπανεξελέγη γενικὸς γραμματεὺς τοῦ Ὀργανισμοῦ Οἰκονομικῆς Συνεργασίας ὁ κ. Κρίστενσεν.

ΤΕΣΣΑΡΕΣ ΝΕΚΡΟΙ ΕΚ ΤΟΥ ΨΥΧΟΥΣ ΕΙΣ ΒΡΑΖΙΛΙΑΝ

ΣΑΟ ΠΑΟΛΟ, 26 (Ρώυτερ). — Τέσσαρες ἄνθρωποι ἀπέθανον ἐκ τοῦ ψύχους.

Η ΤΖΑΙΗΝ ΜΑΝΣΦΗΛΝΤ ΠΡΩΤΑΓΩΝΙΣΤΡΙΑ ΣΚΑΝΔΑΛΩΔΟΥΣ ΕΡΓΟΥ

ΓΛΑΣΚΩΒΗ, 26 (Ἀσ. Πρέσ.). — Ἡ ἠθοποιὸς Τζαίην Μάνσφηλντ θὰ πρωταγωνιστήσῃ εἰς σκανδαλῶδες ἔργον.

ΑΒΛΑΒΗ ΤΑ ΝΑΡΚΩΤΙΚΑ ΙΣΧΥΡΙΖΕΤΑΙ ΗΓΕΤΗΣ ΔΙΡΕΣΟΣ

ΟΥΑΣΙΓΚΤΩΝ, 26 (Ρώυτερ). — Ὁ ἡγέτης μιᾶς θρησκευτικῆς ὁμάδος ἰσχυρίζεται ὅτι τὰ ναρκωτικὰ εἶναι ἀβλαβῆ.

ΕΠΙΚΕΙΤΑΙ ΣΥΜΦΩΝΙΑ ΤΩΝ ΧΩΡΩΝ ΤΗΣ ΕΟΚ ΔΙΑ ΤΗΝ ΓΕΩΡΓΙΑΝ

ΒΡΥΞΕΛΛΑΙ, 26 (Ἀσ. Πρέσ.). — Ἐπίκειται συμφωνία τῶν χωρῶν τῆς ΕΟΚ διὰ τὴν γεωργικὴν πολιτικήν.

Η «ΚΟΜΕΝΤΑΤΟΡ ΦΡΑΝΣΑΙΣ» ΕΙΣ ΤΗΝ ΣΟΦΙΑΝ

ΣΟΦΙΑ, 26 (Ἰδ. ὑπηρ.). — Ἡ ἐφημερὶς «Κομμενταττὲρ Φρανσαὶ» ἀσχολεῖται μὲ τὰς ἐξελίξεις εἰς τὴν Βουλγαρίαν.

ΤΑ ΚΟΜΙΖΟΜΕΝΑ ΕΙΔΗ ΥΠΟ ΤΩΝ ΝΑΥΤΙΚΩΝ

ΑΘΗΝΑΙ, 26. — Τὸ ὑπουργεῖον Ἐμπορικῆς Ναυτιλίας ἐξέδωσε ἐγκύκλιον σχετικὴν μὲ τὰ εἴδη τὰ ὁποῖα κομίζουν οἱ ναυτικοί.

ΕΙΝΑΙ ΟΜΟΙΑ ΚΑΙ ΟΜΩΣ... ΔΙΑΦΕΡΟΥΝ
(Ἡ ὀρθὴ ἀπάντησις εἰς τὴν 4ην σελίδα)
